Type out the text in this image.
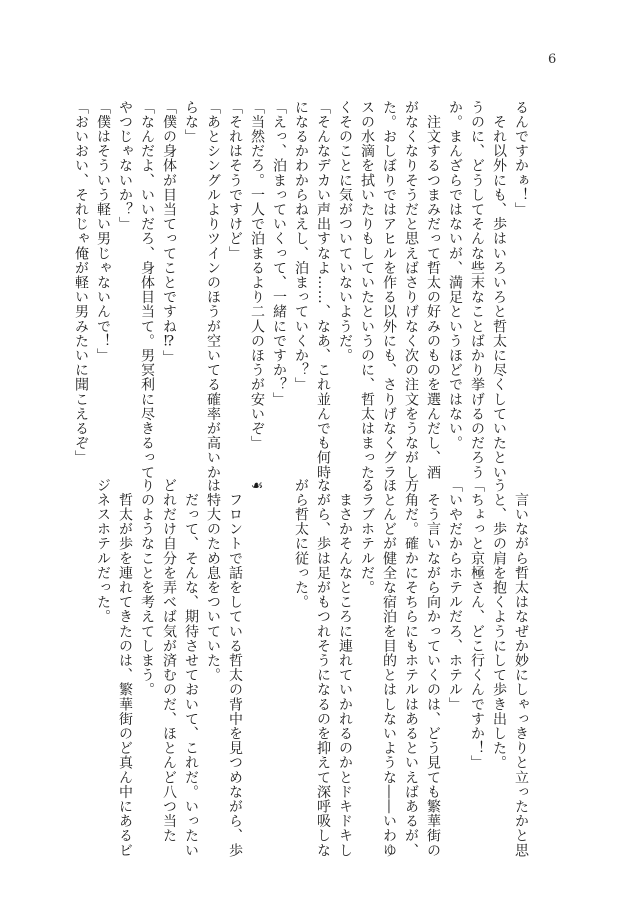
6
るんですかぁ！」
　それ以外にも、歩はいろいろと哲太に尽くしていたとい
うのに、どうしてそんな些末なことばかり挙げるのだろう
か。まんざらではないが、満足というほどではない。
　注文するつまみだって哲太の好みのものを選んだし、酒
がなくなりそうだと思えばさりげなく次の注文をうながし
た。おしぼりではアヒルを作る以外にも、さりげなくグラ
スの水滴を拭いたりもしていたというのに、哲太はまった
くそのことに気がついていないようだ。
「そんなデカい声出すなよ……、なあ、これ並んでも何時
になるかわからねえし、泊まっていくか？」
「えっ、泊まっていくって、一緒にですか？」
「当然だろ。一人で泊まるより二人のほうが安いぞ」
「それはそうですけど」
「あとシングルよりツインのほうが空いてる確率が高いか
らな」
「僕の身体が目当てってことですね⁉」
「なんだよ、いいだろ、身体目当て。男冥利に尽きるって
やつじゃないか？」
「僕はそういう軽い男じゃないんで！」
「おいおい、それじゃ俺が軽い男みたいに聞こえるぞ」
　言いながら哲太はなぜか妙にしゃっきりと立ったかと思
うと、歩の肩を抱くようにして歩き出した。
「ちょっと京極さん、どこ行くんですか！」
「いやだからホテルだろ、ホテル」
　そう言いながら向かっていくのは、どう見ても繁華街の
方角だ。確かにそちらにもホテルはあるといえばあるが、
ほとんどが健全な宿泊を目的とはしないような――いわゆ
るラブホテルだ。
　まさかそんなところに連れていかれるのかとドキドキし
ながら、歩は足がもつれそうになるのを抑えて深呼吸しな
がら哲太に従った。
☙
　フロントで話をしている哲太の背中を見つめながら、歩
は特大のため息をついていた。
　だって、そんな、期待させておいて、これだ。いったい
どれだけ自分を弄べば気が済むのだ、ほとんど八つ当た
りのようなことを考えてしまう。
　哲太が歩を連れてきたのは、繁華街のど真ん中にあるビ
ジネスホテルだった。
